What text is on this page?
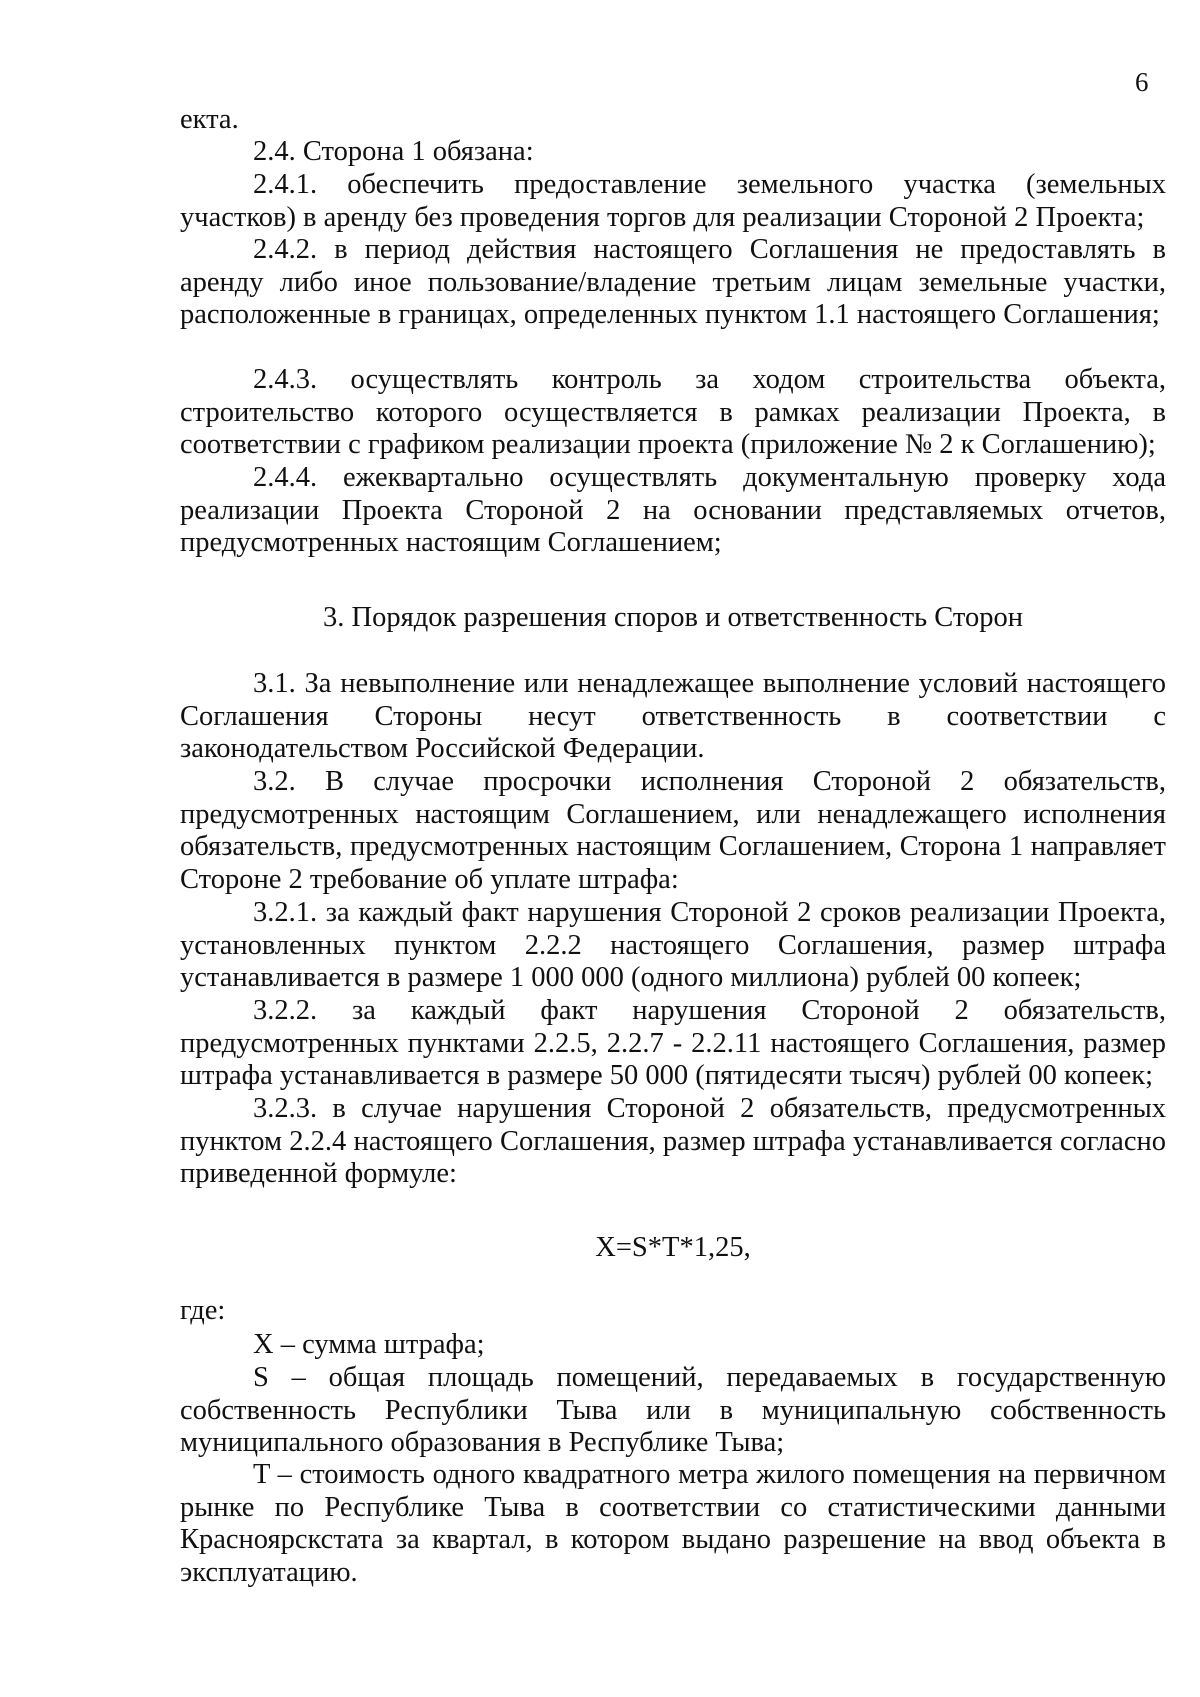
6

екта.

2.4. Сторона 1 обязана:

2.4.1. обеспечить предоставление земельного участка (земельных участков) в аренду без проведения торгов для реализации Стороной 2 Проекта;

2.4.2. в период действия настоящего Соглашения не предоставлять в аренду либо иное пользование/владение третьим лицам земельные участки, расположенные в границах, определенных пунктом 1.1 настоящего Соглашения;

2.4.3. осуществлять контроль за ходом строительства объекта, строительство которого осуществляется в рамках реализации Проекта, в соответствии с графиком реализации проекта (приложение № 2 к Соглашению);

2.4.4. ежеквартально осуществлять документальную проверку хода реализации Проекта Стороной 2 на основании представляемых отчетов, предусмотренных настоящим Соглашением;

3. Порядок разрешения споров и ответственность Сторон

3.1. За невыполнение или ненадлежащее выполнение условий настоящего Соглашения Стороны несут ответственность в соответствии с законодательством Российской Федерации.

3.2. В случае просрочки исполнения Стороной 2 обязательств, предусмотренных настоящим Соглашением, или ненадлежащего исполнения обязательств, предусмотренных настоящим Соглашением, Сторона 1 направляет Стороне 2 требование об уплате штрафа:

3.2.1. за каждый факт нарушения Стороной 2 сроков реализации Проекта, установленных пунктом 2.2.2 настоящего Соглашения, размер штрафа устанавливается в размере 1 000 000 (одного миллиона) рублей 00 копеек;

3.2.2. за каждый факт нарушения Стороной 2 обязательств, предусмотренных пунктами 2.2.5, 2.2.7 - 2.2.11 настоящего Соглашения, размер штрафа устанавливается в размере 50 000 (пятидесяти тысяч) рублей 00 копеек;

3.2.3. в случае нарушения Стороной 2 обязательств, предусмотренных пунктом 2.2.4 настоящего Соглашения, размер штрафа устанавливается согласно приведенной формуле:

X=S*T*1,25,

где:

X – сумма штрафа;

S – общая площадь помещений, передаваемых в государственную собственность Республики Тыва или в муниципальную собственность муниципального образования в Республике Тыва;

T – стоимость одного квадратного метра жилого помещения на первичном рынке по Республике Тыва в соответствии со статистическими данными Красноярскстата за квартал, в котором выдано разрешение на ввод объекта в эксплуатацию.
